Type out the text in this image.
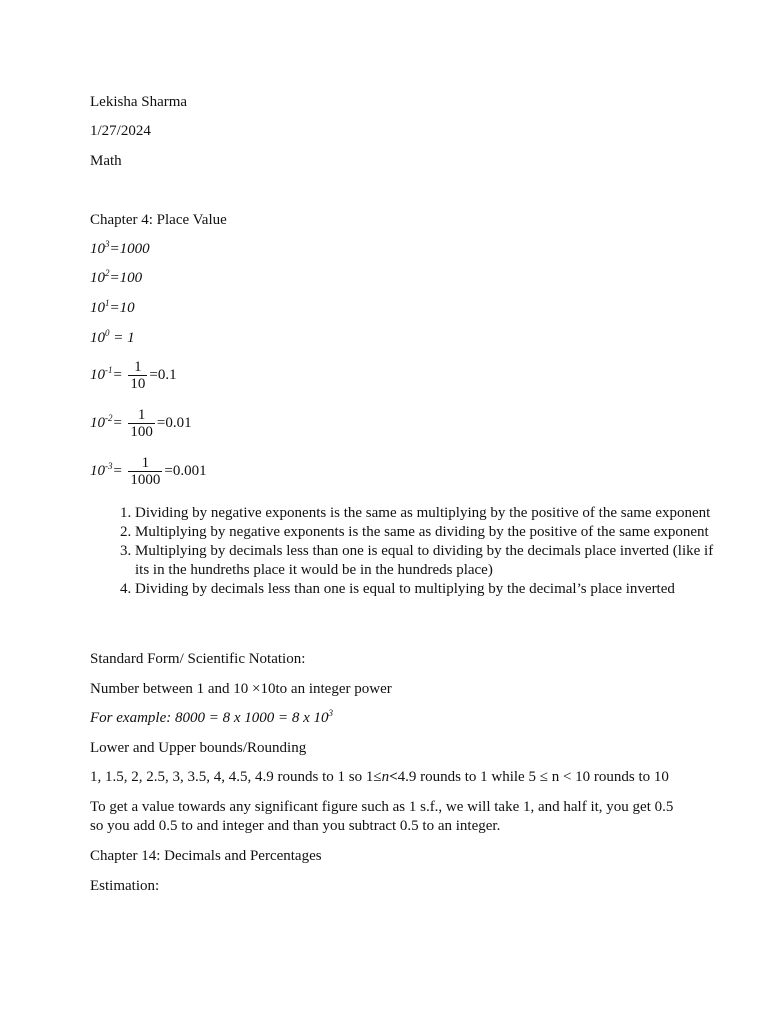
Lekisha Sharma
1/27/2024
Math
Chapter 4: Place Value
$10^3=1000$
$10^2=100$
$10^1=10$
$10^0 = 1$
$10^{-1}= \frac{1}{10} =0.1$
$10^{-2}= \frac{1}{100} =0.01$
$10^{-3}= \frac{1}{1000} =0.001$
1. Dividing by negative exponents is the same as multiplying by the positive of the same exponent
2. Multiplying by negative exponents is the same as dividing by the positive of the same exponent
3. Multiplying by decimals less than one is equal to dividing by the decimals place inverted (like if its in the hundreths place it would be in the hundreds place)
4. Dividing by decimals less than one is equal to multiplying by the decimal’s place inverted
Standard Form/ Scientific Notation:
Number between 1 and 10 ×10to an integer power
For example: 8000 = 8 x 1000 = 8 x $10^3$
Lower and Upper bounds/Rounding
1, 1.5, 2, 2.5, 3, 3.5, 4, 4.5, 4.9 rounds to 1 so 1≤n<4.9 rounds to 1 while 5 ≤ n < 10 rounds to 10
To get a value towards any significant figure such as 1 s.f., we will take 1, and half it, you get 0.5 so you add 0.5 to and integer and than you subtract 0.5 to an integer.
Chapter 14: Decimals and Percentages
Estimation:
